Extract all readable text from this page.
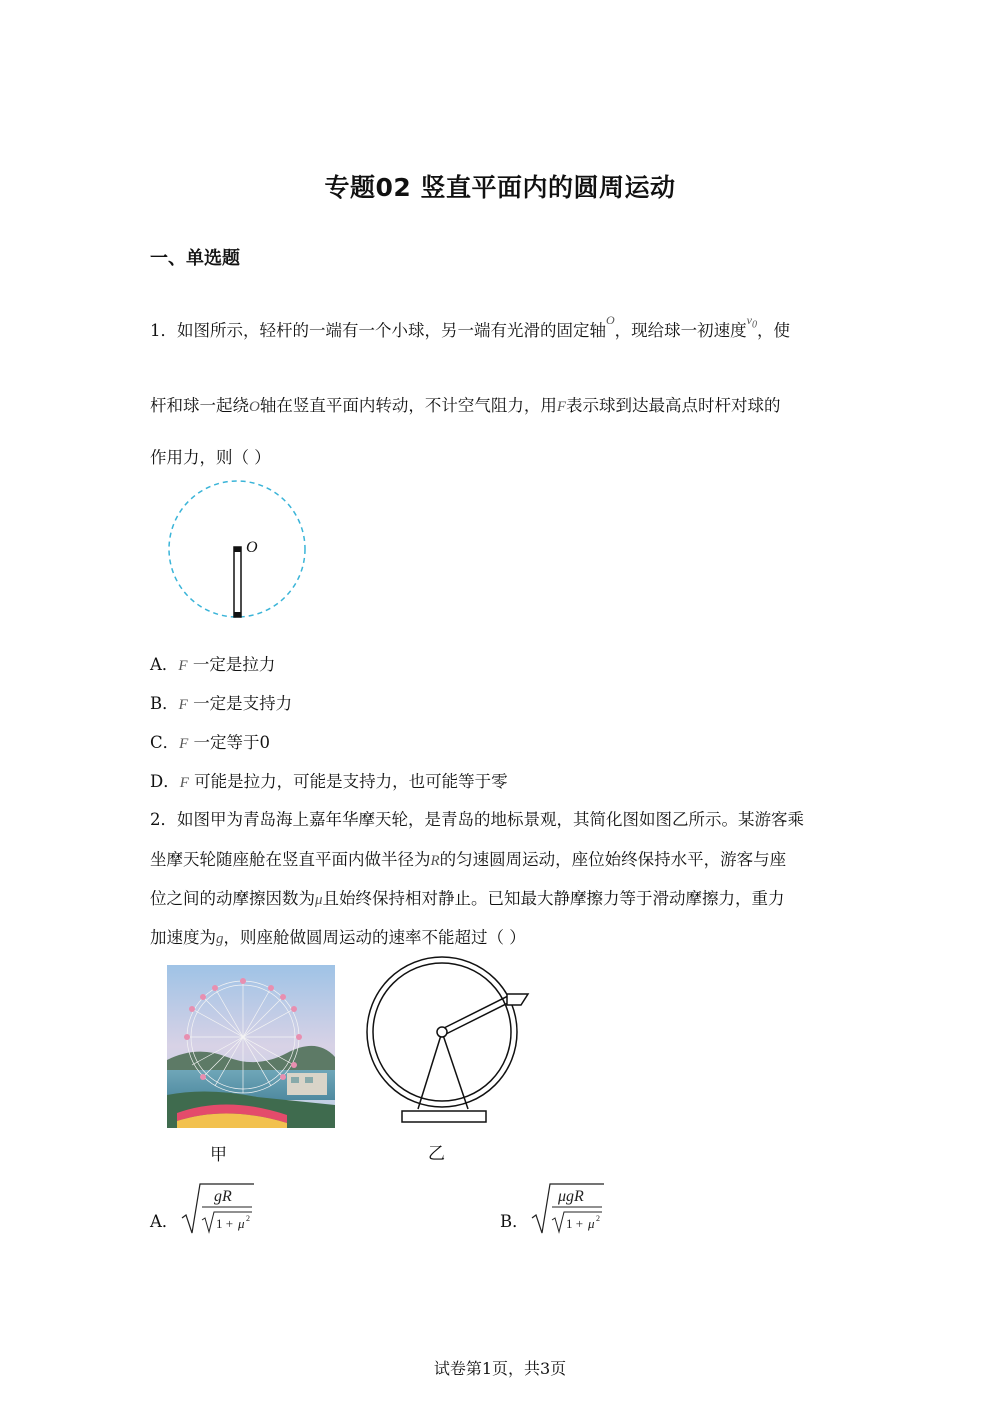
专题02 竖直平面内的圆周运动
一、单选题
1．如图所示，轻杆的一端有一个小球，另一端有光滑的固定轴$^O$，现给球一初速度$^{v_0}$，使
杆和球一起绕O轴在竖直平面内转动，不计空气阻力，用F表示球到达最高点时杆对球的
作用力，则（ ）
O
A．F 一定是拉力
B．F 一定是支持力
C．F 一定等于0
D．F 可能是拉力，可能是支持力，也可能等于零
2．如图甲为青岛海上嘉年华摩天轮，是青岛的地标景观，其简化图如图乙所示。某游客乘
坐摩天轮随座舱在竖直平面内做半径为R的匀速圆周运动，座位始终保持水平，游客与座
位之间的动摩擦因数为μ且始终保持相对静止。已知最大静摩擦力等于滑动摩擦力，重力
加速度为g，则座舱做圆周运动的速率不能超过（ ）
甲	乙
A．
gR
1 + μ 2	B．
μgR
1 + μ 2
试卷第1页，共3页
